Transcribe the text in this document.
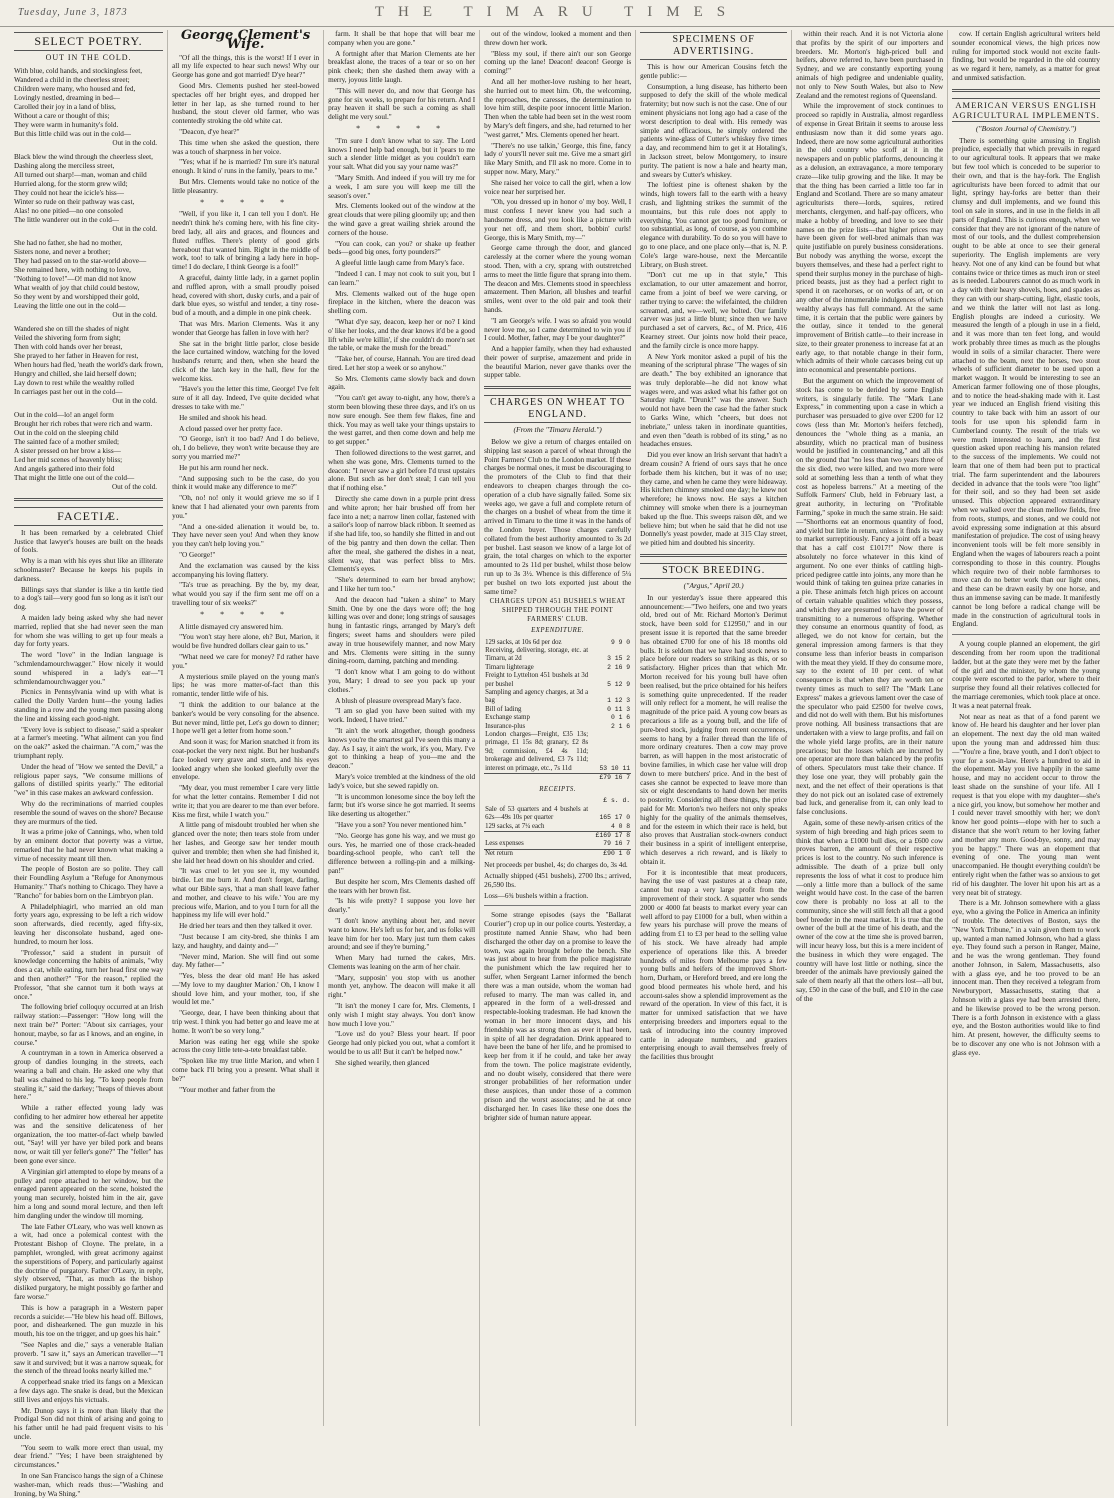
Tuesday, June 3, 1873	THE TIMARU TIMES
SELECT POETRY.
OUT IN THE COLD.
With blue, cold hands, and stockingless feet,
Wandered a child in the cheerless street;
Children were many, who housed and fed,
Lovingly nestled, dreaming in bed—
Carolled their joy in a land of bliss,
Without a care or thought of this;
They were warm in humanity's fold.
But this little child was out in the cold—
Out in the cold.
Black blew the wind through the cheerless sleet,
Dashing along the merciless street,
All turned out sharp!—man, woman and child
Hurried along, for the storm grew wild;
They could not hear the icicle's hiss—
Winter so rude on their pathway was cast,
Alas! no one pitied—no one consoled
The little wanderer out in the cold—
Out in the cold.
She had no father, she had no mother,
Sisters none, and never a brother;
They had passed on to the star-world above—
She remained here, with nothing to love,
"Nothing to love!"—O! man did not know
What wealth of joy that child could bestow,
So they went by and worshipped their gold,
Leaving the little one out in the cold—
Out in the cold.
Wandered she on till the shades of night
Veiled the shivering form from sight;
Then with cold hands over her breast,
She prayed to her father in Heaven for rest,
When hours had fled, 'neath the world's dark frown,
Hungry and chilled, she laid herself down;
Lay down to rest while the wealthy rolled
In carriages past her out in the cold—
Out in the cold.
Out in the cold—lo! an angel form
Brought her rich robes that were rich and warm.
Out in the cold on the sleeping child
The sainted face of a mother smiled;
A sister pressed on her brow a kiss—
Led her mid scenes of heavenly bliss;
And angels gathered into their fold
That might the little one out of the cold—
Out of the cold.
FACETIÆ.

It has been remarked by a celebrated Chief Justice that lawyer's houses are built on the heads of fools.

Why is a man with his eyes shut like an illiterate schoolmaster? Because he keeps his pupils in darkness.

Billings says that slander is like a tin kettle tied to a dog's tail—very good fun so long as it isn't our dog.

A maiden lady being asked why she had never married, replied that she had never seen the man for whom she was willing to get up four meals a day for forty years.

The word "love" in the Indian language is "schmlendamourchwagger." How nicely it would sound whispered in a lady's ear—"I schmlendamourchwagger you."

Picnics in Pennsylvania wind up with what is called the Dolly Varden hunt—the young ladies standing in a row and the young men passing along the line and kissing each good-night.

"Every love is subject to disease," said a speaker at a farmer's meeting. "What ailment can you find on the oak?" asked the chairman. "A corn," was the triumphant reply.

Under the head of "How we sented the Devil," a religious paper says, "We consume millions of gallons of distilled spirits yearly." The editorial "we" in this case makes an awkward confession.

Why do the recriminations of married couples resemble the sound of waves on the shore? Because they are murmurs of the tied.

It was a prime joke of Cannings, who, when told by an eminent doctor that poverty was a virtue, remarked that he had never known what making a virtue of necessity meant till then.

The people of Boston are so polite. They call their Foundling Asylum a "Refuge for Anonymous Humanity." That's nothing to Chicago. They have a "Rancho" for babies born on the Limbryon plan.

A Philadelphiagirl, who married an old man forty years ago, expressing to be left a rich widow soon afterwards, died recently, aged fifty-six, leaving her disconsolate husband, aged one-hundred, to mourn her loss.

"Professor," said a student in pursuit of knowledge concerning the habits of animals, "why does a cat, while eating, turn her head first one way and then another?" "For the reason," replied the Professor, "that she cannot turn it both ways at once."

The following brief colloquy occurred at an Irish railway station:—Passenger: "How long will the next train be?" Porter: "About six carriages, your honour, maybe, so far as I knows, and an engine, in course."

A countryman in a town in America observed a group of dandies lounging in the streets, each wearing a ball and chain. He asked one why that ball was chained to his leg. "To keep people from stealing it," said the darkey; "heaps of thieves about here."

While a rather effected young lady was confiding to her admirer how ethereal her appetite was and the sensitive delicateness of her organization, the too matter-of-fact whelp bawled out, "Say! will yer have yer biled pork and beans now, or wait till yer feller's gone?" The "feller" has been gone ever since.

A Virginian girl attempted to elope by means of a pulley and rope attached to her window, but the enraged parent appeared on the scene, hoisted the young man securely, hoisted him in the air, gave him a long and sound moral lecture, and then left him dangling under the window till morning.

The late Father O'Leary, who was well known as a wit, had once a polemical contest with the Protestant Bishop of Cloyne. The prelate, in a pamphlet, wrongled, with great acrimony against the superstitions of Popery, and particularly against the doctrine of purgatory. Father O'Leary, in reply, slyly observed, "That, as much as the bishop disliked purgatory, he might possibly go farther and fare worse."

This is how a paragraph in a Western paper records a suicide:—"He blew his head off. Billows, poor, and dishearkened. The gun muzzle in his mouth, his toe on the trigger, and up goes his hair."

"See Naples and die," says a venerable Italian proverb. "I saw it," says an American traveller—"I saw it and survived; but it was a narrow squeak, for the stench of the thread looks nearly killed me."

A copperhead snake tried its fangs on a Mexican a few days ago. The snake is dead, but the Mexican still lives and enjoys his victuals.

Mr. Dunop says it is more than likely that the Prodigal Son did not think of arising and going to his father until he had paid frequent visits to his uncle.

"You seem to walk more erect than usual, my dear friend." "Yes; I have been straightened by circumstances."

In one San Francisco hangs the sign of a Chinese washer-man, which reads thus:—"Washing and Ironing, by Wa Shing."

George Clement's Wife.

"Of all the things, this is the worst! If I ever in all my life expected to hear such news! Why our George has gone and got married! D'ye hear?"

Good Mrs. Clements pushed her steel-bowed spectacles off her bright eyes, and dropped her letter in her lap, as she turned round to her husband, the stout clever old farmer, who was contentedly stroking the old white cat.

"Deacon, d'ye hear?"

This time when she asked the question, there was a touch of sharpness in her voice.

"Yes; what if he is married? I'm sure it's natural enough. It kind o' runs in the family, 'pears to me."

But Mrs. Clements would take no notice of the little pleasantry.

* * * * *

"Well, if you like it, I can tell you I don't. He needn't think he's coming here, with his fine city-bred lady, all airs and graces, and flounces and fluted ruffles. There's plenty of good girls hereabout that wanted him. Right in the middle of work, too! to talk of bringing a lady here in hop-time! I do declare, I think George is a fool!"

A graceful, dainty little lady, in a garnet poplin and ruffled apron, with a small proudly poised head, covered with short, dusky curls, and a pair of dark blue eyes, so wistful and tender, a tiny rose-bud of a mouth, and a dimple in one pink cheek.

That was Mrs. Marion Clements. Was it any wonder that George has fallen in love with her?

She sat in the bright little parlor, close beside the lace curtained window, watching for the loved husband's return; and then, when she heard the click of the latch key in the hall, flew for the welcome kiss.

"Have's you the letter this time, George! I've felt sure of it all day. Indeed, I've quite decided what dresses to take with me."

He smiled and shook his head.

A cloud passed over her pretty face.

"O George, isn't it too bad? And I do believe, oh, I do believe, they won't write because they are sorry you married me?"

He put his arm round her neck.

"And supposing such to be the case, do you think it would make any difference to me?"

"Oh, no! no! only it would grieve me so if I knew that I had alienated your own parents from you."

"And a one-sided alienation it would be, to. They have never seen you! And when they know you they can't help loving you."

"O George!"

And the exclamation was caused by the kiss accompanying his loving flattery.

"Ta's true as preaching. By the by, my dear, what would you say if the firm sent me off on a travelling tour of six weeks?"

* * * * *

A little dismayed cry answered him.

"You won't stay here alone, eh? But, Marion, it would be five hundred dollars clear gain to us."

"What need we care for money? I'd rather have you."

A mysterious smile played on the young man's lips; he was more matter-of-fact than this romantic, tender little wife of his.

"I think the addition to our balance at the banker's would be very consoling for the absence. But never mind, little pet, Let's go down to dinner; I hope we'll get a letter from home soon."

And soon it was; for Marion snatched it from its coat-pocket the very next night. But her husband's face looked very grave and stern, and his eyes looked angry when she looked gleefully over the envelope.

"My dear, you must remember I care very little for what the letter contains. Remember I did not write it; that you are dearer to me than ever before. Kiss me first, while I watch you."

A little pang of misdoubt troubled her when she glanced over the note; then tears stole from under her lashes, and George saw her tender mouth quiver and tremble; then when she had finished it, she laid her head down on his shoulder and cried.

"It was cruel to let you see it, my wounded birdie. Let me burn it. And don't forget, darling, what our Bible says, 'that a man shall leave father and mother, and cleave to his wife.' You are my precious wife, Marion, and to you I turn for all the happiness my life will ever hold."

He dried her tears and then they talked it over.

"Just because I am city-bred, she thinks I am lazy, and haughty, and dainty and—"

"Never mind, Marion. She will find out some day. My father—"

"Yes, bless the dear old man! He has asked—'My love to my daughter Marion.' Oh, I know I should love him, and your mother, too, if she would let me."

"George, dear, I have been thinking about that trip west. I think you had better go and leave me at home. It won't be so very long."

Marion was eating her egg while she spoke across the cosy little tete-a-tete breakfast table.

"Spoken like my true little Marion, and when I come back I'll bring you a present. What shall it be?"

"Your mother and father from the

farm. It shall be that hope that will bear me company when you are gone."

A fortnight after that Marion Clements ate her breakfast alone, the traces of a tear or so on her pink cheek; then she dashed them away with a merry, joyous little laugh.

"This will never do, and now that George has gone for six weeks, to prepare for his return. And I pray heaven it shall be such a coming as shall delight me very soul."

* * * * *

"I'm sure I don't know what to say. The Lord knows I need help bad enough, but it 'pears to me such a slender little midget as you couldn't earn your salt. What did you say your name was?"

"Mary Smith. And indeed if you will try me for a week, I am sure you will keep me till the season's over."

Mrs. Clements looked out of the window at the great clouds that were piling gloomily up; and then the wind gave a great wailing shriek around the corners of the house.

"You can cook, can you? or shake up feather beds—good big ones, forty pounders?"

A gleeful little laugh came from Mary's face.

"Indeed I can. I may not cook to suit you, but I can learn."

Mrs. Clements walked out of the huge open fireplace in the kitchen, where the deacon was shelling corn.

"What d'ye say, deacon, keep her or no? I kind o' like her looks, and the dear knows it'd be a good lift while we're killin', if she couldn't do more'n set the table, or make the mush for the bread."

"Take her, of course, Hannah. You are tired dead tired. Let her stop a week or so anyhow."

So Mrs. Clements came slowly back and down again.

"You can't get away to-night, any how, there's a storm been blowing these three days, and it's on us now sure enough. See them few flakes, fine and thick. You may as well take your things upstairs to the west garret, and then come down and help me to get supper."

Then followed directions to the west garret, and when she was gone, Mrs. Clements turned to the deacon: "I never saw a girl before I'd trust upstairs alone. But such as her don't steal; I can tell you that if nothing else."

Directly she came down in a purple print dress and white apron; her hair brushed off from her face into a net; a narrow linen collar, fastened with a sailor's loop of narrow black ribbon. It seemed as if she had life, too, so handily she flitted in and out of the big pantry and then down the cellar. Then after the meal, she gathered the dishes in a neat, silent way, that was perfect bliss to Mrs. Clements's eyes.

"She's determined to earn her bread anyhow; and I like her turn too."

And the deacon had "taken a shine" to Mary Smith. One by one the days wore off; the hog killing was over and done; long strings of sausages hung in fantastic rings, arranged by Mary's deft fingers; sweet hams and shoulders were piled away in true housewifely manner, and now Mary and Mrs. Clements were sitting in the sunny dining-room, darning, patching and mending.

"I don't know what I am going to do without you, Mary; I dread to see you pack up your clothes."

A blush of pleasure overspread Mary's face.

"I am so glad you have been suited with my work. Indeed, I have tried."

"It ain't the work altogether, though goodness knows you're the smartest gal I've seen this many a day. As I say, it ain't the work, it's you, Mary. I've got to thinking a heap of you—me and the deacon."

Mary's voice trembled at the kindness of the old lady's voice, but she sewed rapidly on.

"It is uncommon lonesome since the boy left the farm; but it's worse since he got married. It seems like deserting us altogether."

"Have you a son? You never mentioned him."

"No. George has gone his way, and we must go ours. Yes, he married one of those crack-headed boarding-school people, who can't tell the difference between a rolling-pin and a milking-pan!"

But despite her scorn, Mrs Clements dashed off the tears with her brown fist.

"Is his wife pretty? I suppose you love her dearly."

"I don't know anything about her, and never want to know. He's left us for her, and us folks will leave him for her too. Mary just turn them cakes around; and see if they're burning."

When Mary had turned the cakes, Mrs. Clements was leaning on the arm of her chair.

"Mary, supposin' you stop with us another month yet, anyhow. The deacon will make it all right."

"It isn't the money I care for, Mrs. Clements, I only wish I might stay always. You don't know how much I love you."

"Love us! do you? Bless your heart. If poor George had only picked you out, what a comfort it would be to us all! But it can't be helped now."

She sighed wearily, then glanced

out of the window, looked a moment and then threw down her work.

"Bless my soul, if there ain't our son George coming up the lane! Deacon! deacon! George is coming!"

And all her mother-love rushing to her heart, she hurried out to meet him. Oh, the welcoming, the reproaches, the caresses, the determination to love him still, despite poor innocent little Marion. Then when the table had been set in the west room by Mary's deft fingers, and she, had returned to her "west garret," Mrs. Clements opened her heart.

"There's no use talkin,' George, this fine, fancy lady o' yours'll never suit me. Give me a smart girl like Mary Smith, and I'll ask no more. Come in to supper now. Mary, Mary."

She raised her voice to call the girl, when a low voice near her surprised her.

"Oh, you dressed up in honor o' my boy. Well, I must confess I never knew you had such a handsome dress, and you look like a picture with your net off, and them short, bobbin' curls! George, this is Mary Smith, my—"

George came through the door, and glanced carelessly at the corner where the young woman stood. Then, with a cry, sprang with outstretched arms to meet the little figure that sprang into them. The deacon and Mrs. Clements stood in speechless amazement. Then Marion, all blushes and tearful smiles, went over to the old pair and took their hands.

"I am George's wife. I was so afraid you would never love me, so I came determined to win you if I could. Mother, father, may I be your daughter?"

And a happier family, when they had exhausted their power of surprise, amazement and pride in the beautiful Marion, never gave thanks over the supper table.

CHARGES ON WHEAT TO ENGLAND.
(From the "Timaru Herald.")

Below we give a return of charges entailed on shipping last season a parcel of wheat through the Point Farmers' Club to the London market. If these charges be normal ones, it must be discouraging to the promoters of the Club to find that their endeavors to cheapen charges through the co-operation of a club have signally failed. Some six weeks ago, we gave a full and complete return of the charges on a bushel of wheat from the time it arrived in Timaru to the time it was in the hands of the London buyer. Those charges carefully collated from the best authority amounted to 3s 2d per bushel. Last season we know of a large lot of grain, the total charges on which to the exporter amounted to 2s 11d per bushel, whilst those below run up to 3s 3½. Whence is this difference of 5¼ per bushel on two lots exported just about the same time?

CHARGES UPON 451 BUSHELS WHEAT SHIPPED THROUGH THE POINT FARMERS' CLUB.
EXPENDITURE.
129 sacks, at 10s 6d per doz	9 9 0
Receiving, delivering, storage, etc. at Timaru, at 2d	3 15 2
Timaru lighterage	2 16 9
Freight to Lyttelton 451 bushels at 3d per bushel	5 12 9
Sampling and agency charges, at 3d a bag	1 12 3
Bill of lading	0 11 3
Exchange stamp	0 1 6
Insurance-plus	2 1 6
London charges—Freight, £35 13s; primage, £1 15s 8d; granary, £2 8s 9d; commission, £4 4s 11d; brokerage and delivered, £3 7s 11d; interest on primage, etc., 7s 11d	53 10 11
	£79 16 7
RECEIPTS.
	£ s. d.
Sale of 53 quarters and 4 bushels at 62s—49s 10s per quarter	165 17 0
129 sacks, at 7¼ each	4 0 8
	£169 17 8
Less expenses	79 16 7
Net return	£90 1 0

Net proceeds per bushel, 4s; do charges do, 3s 4d.

Actually shipped (451 bushels), 2700 lbs.; arrived, 26,590 lbs.

Loss—6¾ bushels within a fraction.

Some strange episodes (says the "Ballarat Courier") crop up in our police courts. Yesterday, a prostitute named Annie Shaw, who had been discharged the other day on a promise to leave the town, was again brought before the bench. She was just about to hear from the police magistrate the punishment which the law required her to suffer, when Sergeant Larner informed the bench there was a man outside, whom the woman had refused to marry. The man was called in, and appeared in the form of a well-dressed and respectable-looking tradesman. He had known the woman in her more innocent days, and his friendship was as strong then as ever it had been, in spite of all her degradation. Drink appeared to have been the bane of her life, and he promised to keep her from it if he could, and take her away from the town. The police magistrate evidently, and no doubt wisely, considered that there were stronger probabilities of her reformation under these auspices, than under those of a common prison and the worst associates; and he at once discharged her. In cases like these one does the brighter side of human nature appear.

SPECIMENS OF ADVERTISING.

This is how our American Cousins fetch the gentle public:—

Consumption, a lung disease, has hitherto been supposed to defy the skill of the whole medical fraternity; but now such is not the case. One of our eminent physicians not long ago had a case of the worst description to deal with. His remedy was simple and efficacious, he simply ordered the patients wine-glass of Cutter's whiskey five times a day, and recommend him to get it at Hotaling's, in Jackson street, below Montgomery, to insure purity. The patient is now a hale and hearty man, and swears by Cutter's whiskey.

The loftiest pine is oftenest shaken by the winds, high towers fall to the earth with a heavy crash, and lightning strikes the summit of the mountains, but this rule does not apply to everything. You cannot get too good furniture, or too substantial, as long, of course, as you combine elegance with durability. To do so you will have to go to one place, and one place only—that is, N. P. Cole's large ware-house, next the Mercantile Library, on Bush street.

"Don't cut me up in that style," This exclamation, to our utter amazement and horror, came from a joint of beef we were carving, or rather trying to carve: the wifefainted, the children screamed, and, we—well, we bolted. Our family carver was just a little blunt; since then we have purchased a set of carvers, &c., of M. Price, 416 Kearney street. Our joints now hold their peace, and the family circle is once more happy.

A New York monitor asked a pupil of his the meaning of the scriptural phrase "The wages of sin are death." The boy exhibited an ignorance that was truly deplorable—he did not know what wages were, and was asked what his father got on Saturday night. "Drunk!" was the answer. Such would not have been the case had the father stuck to Garks Wine, which "cheers, but does not inebriate," unless taken in inordinate quantities, and even then "death is robbed of its sting," as no headaches ensues.

Did you ever know an Irish servant that hadn't a dream cousin? A friend of ours says that he once forbade them his kitchen, but it was of no use; they came, and when he came they were hideaway. His kitchen chimney smoked one day; he knew not wherefore; he knows now. He says a kitchen chimney will smoke when there is a journeyman baked up the flue. This sweeps raison dêt, and we believe him; but when he said that he did not use Donnelly's yeast powder, made at 315 Clay street, we pitied him and doubted his sincerity.

STOCK BREEDING.
("Argus," April 20.)

In our yesterday's issue there appeared this announcement:—"Two heifers, one and two years old, bred out of Mr. Richard Morton's Derimut stock, have been sold for £12950," and in our present issue it is reported that the same breeder has obtained £700 for one of his 18 months old bulls. It is seldom that we have had stock news to place before our readers so striking as this, or so satisfactory. Higher prices than that which Mr. Morton received for his young bull have often been realised, but the price obtained for his heifers is something quite unprecedented. If the reader will only reflect for a moment, he will realise the magnitude of the price paid. A young cow bears as precarious a life as a young bull, and the life of pure-bred stock, judging from recent occurrences, seems to hang by a frailer thread than the life of more ordinary creatures. Then a cow may prove barren, as will happen in the most aristocratic of bovine families, in which case her value will drop down to mere butchers' price. And in the best of cases she cannot be expected to leave more than six or eight descendants to hand down her merits to posterity. Considering all these things, the price paid for Mr. Morton's two heifers not only speaks highly for the quality of the animals themselves, and for the esteem in which their race is held, but also proves that Australian stock-owners conduct their business in a spirit of intelligent enterprise, which deserves a rich reward, and is likely to obtain it.

For it is incontestible that meat producers, having the use of vast pastures at a cheap rate, cannot but reap a very large profit from the improvement of their stock. A squatter who sends 2000 or 4000 fat beasts to market every year can well afford to pay £1000 for a bull, when within a few years his purchase will prove the means of adding from £1 to £3 per head to the selling value of his stock. We have already had ample experience of operations like this. A breeder hundreds of miles from Melbourne pays a few young bulls and heifers of the improved Short-horn, Durham, or Hereford breed, and ere long the good blood permeates his whole herd, and his account-sales show a splendid improvement as the reward of the operation. In view of this fact, it is matter for unmixed satisfaction that we have enterprising breeders and importers equal to the task of introducing into the country improved cattle in adequate numbers, and graziers enterprising enough to avail themselves freely of the facilities thus brought

within their reach. And it is not Victoria alone that profits by the spirit of our importers and breeders. Mr. Morton's high-priced bull and heifers, above referred to, have been purchased in Sydney, and we are constantly exporting young animals of high pedigree and undeniable quality, not only to New South Wales, but also to New Zealand and the remotest regions of Queensland.

While the improvement of stock continues to proceed so rapidly in Australia, almost regardless of expense in Great Britain it seems to arouse less enthusiasm now than it did some years ago. Indeed, there are now some agricultural authorities in the old country who scoff at it in the newspapers and on public platforms, denouncing it as a delusion, an extravagance, a more temporary craze—like tulip growing and the like. It may be that the thing has been carried a little too far in England and Scotland. There are so many amateur agriculturists there—lords, squires, retired merchants, clergymen, and half-pay officers, who make a hobby of breeding, and love to see their names on the prize lists—that higher prices may have been given for well-bred animals than was quite justifiable on purely business considerations. But nobody was anything the worse, except the buyers themselves, and these had a perfect right to spend their surplus money in the purchase of high-priced beasts, just as they had a perfect right to spend it on racehorses, or on works of art, or on any other of the innumerable indulgences of which wealthy always has full command. At the same time, it is certain that the public were gainers by the outlay, since it tended to the general improvement of British cattle—to their increase in size, to their greater proneness to increase fat at an early age, to that notable change in their form, which admits of their whole carcases being cut up into economical and presentable portions.

But the argument on which the improvement of stock has come to be derided by some English writers, is singularly futile. The "Mark Lane Express," in commenting upon a case in which a purchaser was persuaded to give over £200 for 12 cows (less than Mr. Morton's heifers fetched), denounces the "whole thing as a mania, an absurdity, which no practical man of business would be justified in countenancing," and all this on the ground that "no less than two years three of the six died, two were killed, and two more were sold at something less than a tenth of what they cost as hopeless barrens." At a meeting of the Suffolk Farmers' Club, held in February last, a great authority, in lecturing on "Profitable Farming," spoke in much the same strain. He said:—"Shorthorns eat an enormous quantity of food, and yield but little in return, unless it finds its way to market surreptitiously. Fancy a joint off a beast that has a calf cost £1017!" Now there is absolutely no force whatever in this kind of argument. No one ever thinks of cattling high-priced pedigree cattle into joints, any more than he would think of taking ten guinea prize canaries in a pie. These animals fetch high prices on account of certain valuable qualities which they possess, and which they are presumed to have the power of transmitting to a numerous offspring. Whether they consume an enormous quantity of food, as alleged, we do not know for certain, but the general impression among farmers is that they consume less than inferior beasts in comparison with the meat they yield. If they do consume more, say to the extent of 10 per cent. of what consequence is that when they are worth ten or twenty times as much to sell? The "Mark Lane Express" makes a grievous lament over the case of the speculator who paid £2500 for twelve cows, and did not do well with them. But his misfortunes prove nothing. All business transactions that are undertaken with a view to large profits, and fail on the whole yield large profits, are in their nature precarious; but the losses which are incurred by one operator are more than balanced by the profits of others. Speculators must take their chance. If they lose one year, they will probably gain the next, and the net effect of their operations is that they do not pick out an isolated case of extremely bad luck, and generalise from it, can only lead to false conclusions.

Again, some of these newly-arisen critics of the system of high breeding and high prices seem to think that when a £1000 bull dies, or a £600 cow proves barren, the amount of their respective prices is lost to the country. No such inference is admissible. The death of a prize bull only represents the loss of what it cost to produce him—only a little more than a bullock of the same weight would have cost. In the case of the barren cow there is probably no loss at all to the community, since she will still fetch all that a good beef breeder in the meat market. It is true that the owner of the bull at the time of his death, and the owner of the cow at the time she is proved barren, will incur heavy loss, but this is a mere incident of the business in which they were engaged. The country will have lost little or nothing, since the breeder of the animals have previously gained the sale of them nearly all that the others lost—all but, say, £50 in the case of the bull, and £10 in the case of the

cow. If certain English agricultural writers held sounder economical views, the high prices now ruling for imported stock would not excite fault-finding, but would be regarded in the old country as we regard it here, namely, as a matter for great and unmixed satisfaction.

AMERICAN VERSUS ENGLISH AGRICULTURAL IMPLEMENTS.
("Boston Journal of Chemistry.")

There is something quite amusing in English prejudice, especially that which prevails in regard to our agricultural tools. It appears that we make but few tool which is conceded to be superior to their own, and that is the hay-fork. The English agriculturists have been forced to admit that our light, springy hay-forks are better than their clumsy and dull implements, and we found this tool on sale in stores, and in use in the fields in all parts of England. This is curious enough, when we consider that they are not ignorant of the nature of most of our tools, and the dullest comprehension ought to be able at once to see their general superiority. The English implements are very heavy. Not one of any kind can be found but what contains twice or thrice times as much iron or steel as is needed. Labourers cannot do as much work in a day with their heavy shovels, hoes, and spades as they can with our sharp-cutting, light, elastic tools, and we think the latter will not last as long. English ploughs are indeed a curiosity. We measured the length of a plough in use in a field, and it was more than ten feet long, and would work probably three times as much as the ploughs would in soils of a similar character. There were attached to the beam, next the horses, two stout wheels of sufficient diameter to be used upon a market waggon. It would be interesting to see an American farmer following one of those ploughs, and to notice the head-shaking made with it. Last year we induced an English friend visiting this country to take back with him an assort of our tools for use upon his splendid farm in Cumberland county. The result of the trials we were much interested to learn, and the first question asked upon reaching his mansion related to the success of the implements. We could not learn that one of them had been put to practical trial. The farm superintendent and the labourers decided in advance that the tools were "too light" for their soil, and so they had been set aside unused. This objection appeared extraordinary when we walked over the clean mellow fields, free from roots, stumps, and stones, and we could not avoid expressing some indignation at this absurd manifestation of prejudice. The cost of using heavy inconvenient tools will be felt more sensibly in England when the wages of labourers reach a point corresponding to those in this country. Ploughs which require two of their noble farmhorses to move can do no better work than our light ones, and these can be drawn easily by one horse, and thus an immense saving can be made. It manifestly cannot be long before a radical change will be made in the construction of agricultural tools in England.

A young couple planned an elopement, the girl descending from her room upon the traditional ladder, but at the gate they were met by the father of the girl and the minister, by whom the young couple were escorted to the parlor, where to their surprise they found all their relatives collected for the marriage ceremonies, which took place at once. It was a neat paternal freak.

Not near as neat as that of a fond parent we know of. He heard his daughter and her lover plan an elopement. The next day the old man waited upon the young man and addressed him thus:—"You're a fine, brave youth, and I don't object to your for a son-in-law. Here's a hundred to aid in the elopement. May you live happily in the same house, and may no accident occur to throw the least shade on the sunshine of your life. All I request is that you elope with my daughter—she's a nice girl, you know, but somehow her mother and I could never travel smoothly with her; we don't know her good points—elope with her to such a distance that she won't return to her loving father and mother any more. Good-bye, sonny, and may you be happy." There was an elopement that evening of one. The young man went unaccompanied. He thought everything couldn't be entirely right when the father was so anxious to get rid of his daughter. The lover hit upon his art as a very neat bit of strategy.

There is a Mr. Johnson somewhere with a glass eye, who a giving the Police in America an infinity of trouble. The detectives of Boston, says the "New York Tribune," in a vain given them to work up, wanted a man named Johnson, who had a glass eye. They found such a person in Ranger, Maine, and he was the wrong gentleman. They found another Johnson, in Salem, Massachusetts, also with a glass eye, and he too proved to be an innocent man. Then they received a telegram from Newburyport, Massachusetts, stating that a Johnson with a glass eye had been arrested there, and he likewise proved to be the wrong person. There is a forth Johnson in existence with a glass eye, and the Boston authorities would like to find him. At present, however, the difficulty seems to be to discover any one who is not Johnson with a glass eye.
